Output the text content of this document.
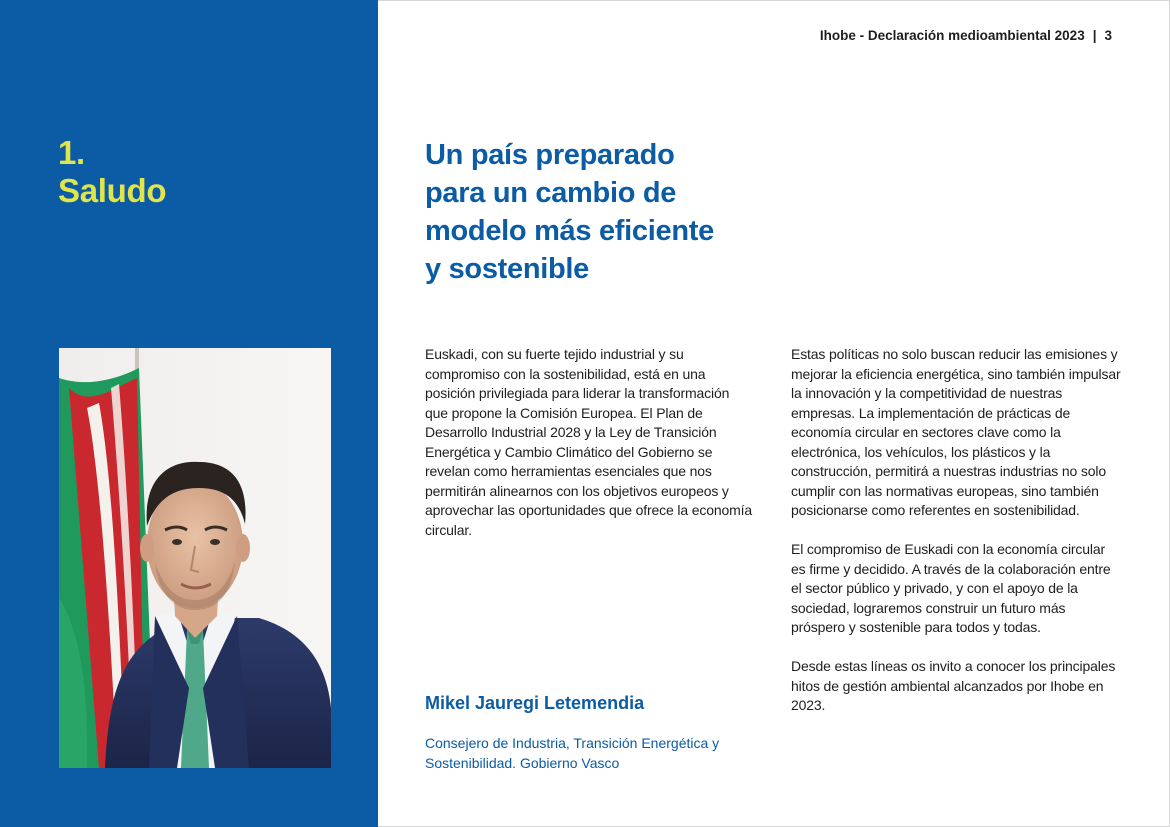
1.
Saludo

Ihobe - Declaración medioambiental 2023 | 3

Un país preparado
para un cambio de
modelo más eficiente
y sostenible

Euskadi, con su fuerte tejido industrial y su compromiso con la sostenibilidad, está en una posición privilegiada para liderar la transformación que propone la Comisión Europea. El Plan de Desarrollo Industrial 2028 y la Ley de Transición Energética y Cambio Climático del Gobierno se revelan como herramientas esenciales que nos permitirán alinearnos con los objetivos europeos y aprovechar las oportunidades que ofrece la economía circular.

Mikel Jauregi Letemendia

Consejero de Industria, Transición Energética y Sostenibilidad. Gobierno Vasco

Estas políticas no solo buscan reducir las emisiones y mejorar la eficiencia energética, sino también impulsar la innovación y la competitividad de nuestras empresas. La implementación de prácticas de economía circular en sectores clave como la electrónica, los vehículos, los plásticos y la construcción, permitirá a nuestras industrias no solo cumplir con las normativas europeas, sino también posicionarse como referentes en sostenibilidad.

El compromiso de Euskadi con la economía circular es firme y decidido. A través de la colaboración entre el sector público y privado, y con el apoyo de la sociedad, lograremos construir un futuro más próspero y sostenible para todos y todas.

Desde estas líneas os invito a conocer los principales hitos de gestión ambiental alcanzados por Ihobe en 2023.
